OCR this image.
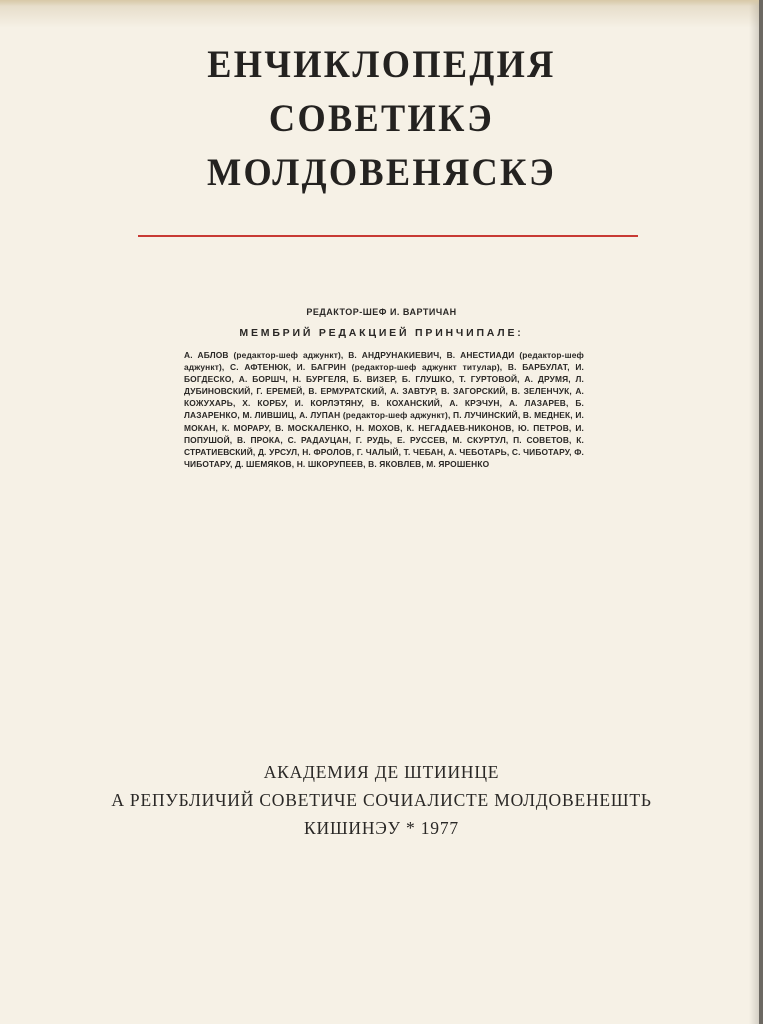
ЕНЧИКЛОПЕДИЯ
СОВЕТИКЭ
МОЛДОВЕНЯСКЭ
РЕДАКТОР-ШЕФ И. ВАРТИЧАН
МЕМБРИЙ РЕДАКЦИЕЙ ПРИНЧИПАЛЕ:
А. АБЛОВ (редактор-шеф аджункт), В. АНДРУНАКИЕВИЧ, В. АНЕСТИАДИ (редактор-шеф аджункт), С. АФТЕНЮК, И. БАГРИН (редактор-шеф аджункт титулар), В. БАРБУЛАТ, И. БОГДЕСКО, А. БОРШЧ, Н. БУРГЕЛЯ, Б. ВИЗЕР, Б. ГЛУШКО, Т. ГУРТОВОЙ, А. ДРУМЯ, Л. ДУБИНОВСКИЙ, Г. ЕРЕМЕЙ, В. ЕРМУРАТСКИЙ, А. ЗАВТУР, В. ЗАГОРСКИЙ, В. ЗЕЛЕНЧУК, А. КОЖУХАРЬ, Х. КОРБУ, И. КОРЛЭТЯНУ, В. КОХАНСКИЙ, А. КРЭЧУН, А. ЛАЗАРЕВ, Б. ЛАЗАРЕНКО, М. ЛИВШИЦ, А. ЛУПАН (редактор-шеф аджункт), П. ЛУЧИНСКИЙ, В. МЕДНЕК, И. МОКАН, К. МОРАРУ, В. МОСКАЛЕНКО, Н. МОХОВ, К. НЕГАДАЕВ-НИКОНОВ, Ю. ПЕТРОВ, И. ПОПУШОЙ, В. ПРОКА, С. РАДАУЦАН, Г. РУДЬ, Е. РУССЕВ, М. СКУРТУЛ, П. СОВЕТОВ, К. СТРАТИЕВСКИЙ, Д. УРСУЛ, Н. ФРОЛОВ, Г. ЧАЛЫЙ, Т. ЧЕБАН, А. ЧЕБОТАРЬ, С. ЧИБОТАРУ, Ф. ЧИБОТАРУ, Д. ШЕМЯКОВ, Н. ШКОРУПЕЕВ, В. ЯКОВЛЕВ, М. ЯРОШЕНКО
АКАДЕМИЯ ДЕ ШТИИНЦЕ
А РЕПУБЛИЧИЙ СОВЕТИЧЕ СОЧИАЛИСТЕ МОЛДОВЕНЕШТЬ
КИШИНЭУ * 1977
